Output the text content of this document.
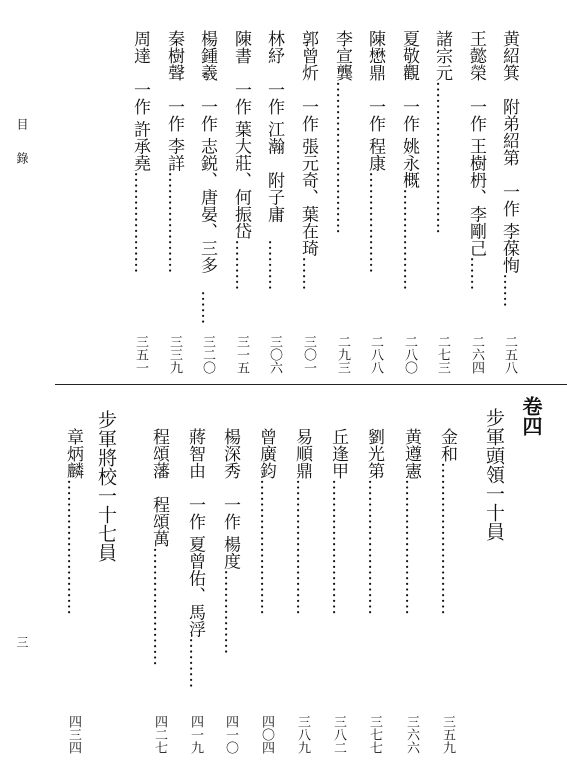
目
錄
三
黄紹箕　附弟紹第　一作 李葆恂……
二五八
王懿榮　一作 王樹枬、李剛己……
二六四
諸宗元………………………
二七三
夏敬觀　一作 姚永概………………
二八〇
陳懋鼎　一作 程康………………
二八八
李宣龔………………………
二九三
郭曾炘　一作 張元奇、葉在琦……
三〇一
林紓　一作 江瀚　附子庸　………
三〇六
陳書　一作 葉大莊、何振岱………
三一五
楊鍾羲　一作 志鋭、唐晏、三多　……
三二〇
秦樹聲　一作 李詳………………
三三九
周達　一作 許承堯………………
三五一
卷四
步軍頭領一十員
金和………………………
三五九
黄遵憲……………………
三六六
劉光第……………………
三七七
丘逢甲……………………
三八二
易順鼎……………………
三八九
曾廣鈞……………………
四〇四
楊深秀　一作 楊度……………
四一〇
蔣智由　一作 夏曾佑、馬浮………
四一九
程頌藩　程頌萬…………………
四二七
步軍將校一十七員
章炳麟……………………
四三四
